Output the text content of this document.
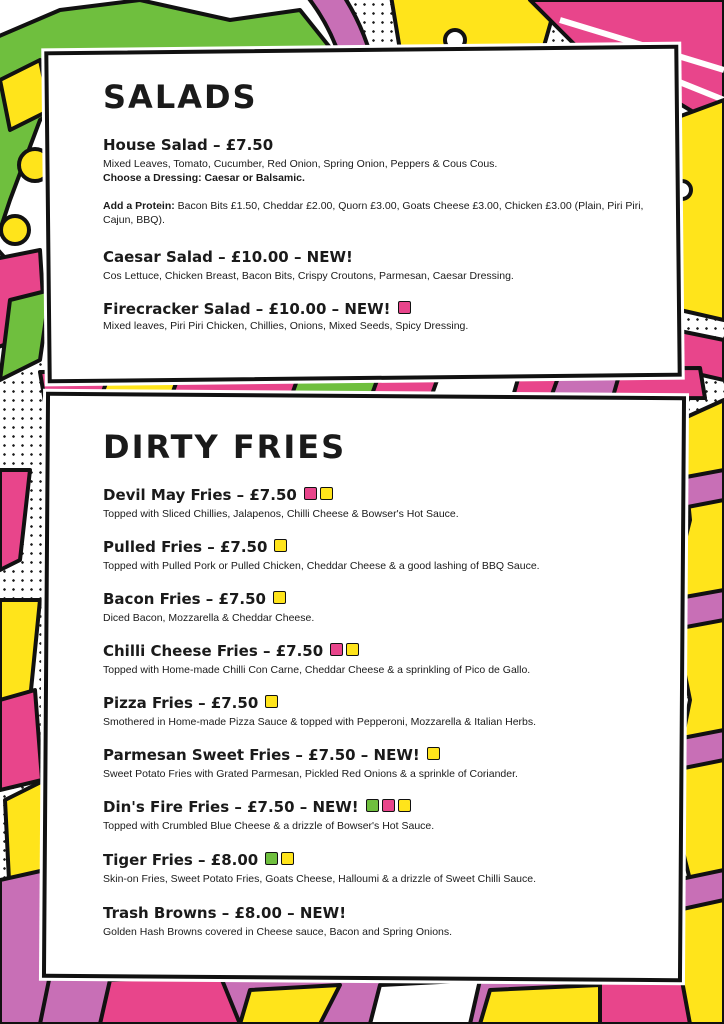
SALADS
House Salad – £7.50
Mixed Leaves, Tomato, Cucumber, Red Onion, Spring Onion, Peppers & Cous Cous.
Choose a Dressing: Caesar or Balsamic.
Add a Protein: Bacon Bits £1.50, Cheddar £2.00, Quorn £3.00, Goats Cheese £3.00, Chicken £3.00 (Plain, Piri Piri, Cajun, BBQ).
Caesar Salad – £10.00 – NEW!
Cos Lettuce, Chicken Breast, Bacon Bits, Crispy Croutons, Parmesan, Caesar Dressing.
Firecracker Salad – £10.00 – NEW!
Mixed leaves, Piri Piri Chicken, Chillies, Onions, Mixed Seeds, Spicy Dressing.
DIRTY FRIES
Devil May Fries – £7.50
Topped with Sliced Chillies, Jalapenos, Chilli Cheese & Bowser's Hot Sauce.
Pulled Fries – £7.50
Topped with Pulled Pork or Pulled Chicken, Cheddar Cheese & a good lashing of BBQ Sauce.
Bacon Fries – £7.50
Diced Bacon, Mozzarella & Cheddar Cheese.
Chilli Cheese Fries – £7.50
Topped with Home-made Chilli Con Carne, Cheddar Cheese & a sprinkling of Pico de Gallo.
Pizza Fries – £7.50
Smothered in Home-made Pizza Sauce & topped with Pepperoni, Mozzarella & Italian Herbs.
Parmesan Sweet Fries – £7.50 – NEW!
Sweet Potato Fries with Grated Parmesan, Pickled Red Onions & a sprinkle of Coriander.
Din's Fire Fries – £7.50 – NEW!
Topped with Crumbled Blue Cheese & a drizzle of Bowser's Hot Sauce.
Tiger Fries – £8.00
Skin-on Fries, Sweet Potato Fries, Goats Cheese, Halloumi & a drizzle of Sweet Chilli Sauce.
Trash Browns – £8.00 – NEW!
Golden Hash Browns covered in Cheese sauce, Bacon and Spring Onions.
